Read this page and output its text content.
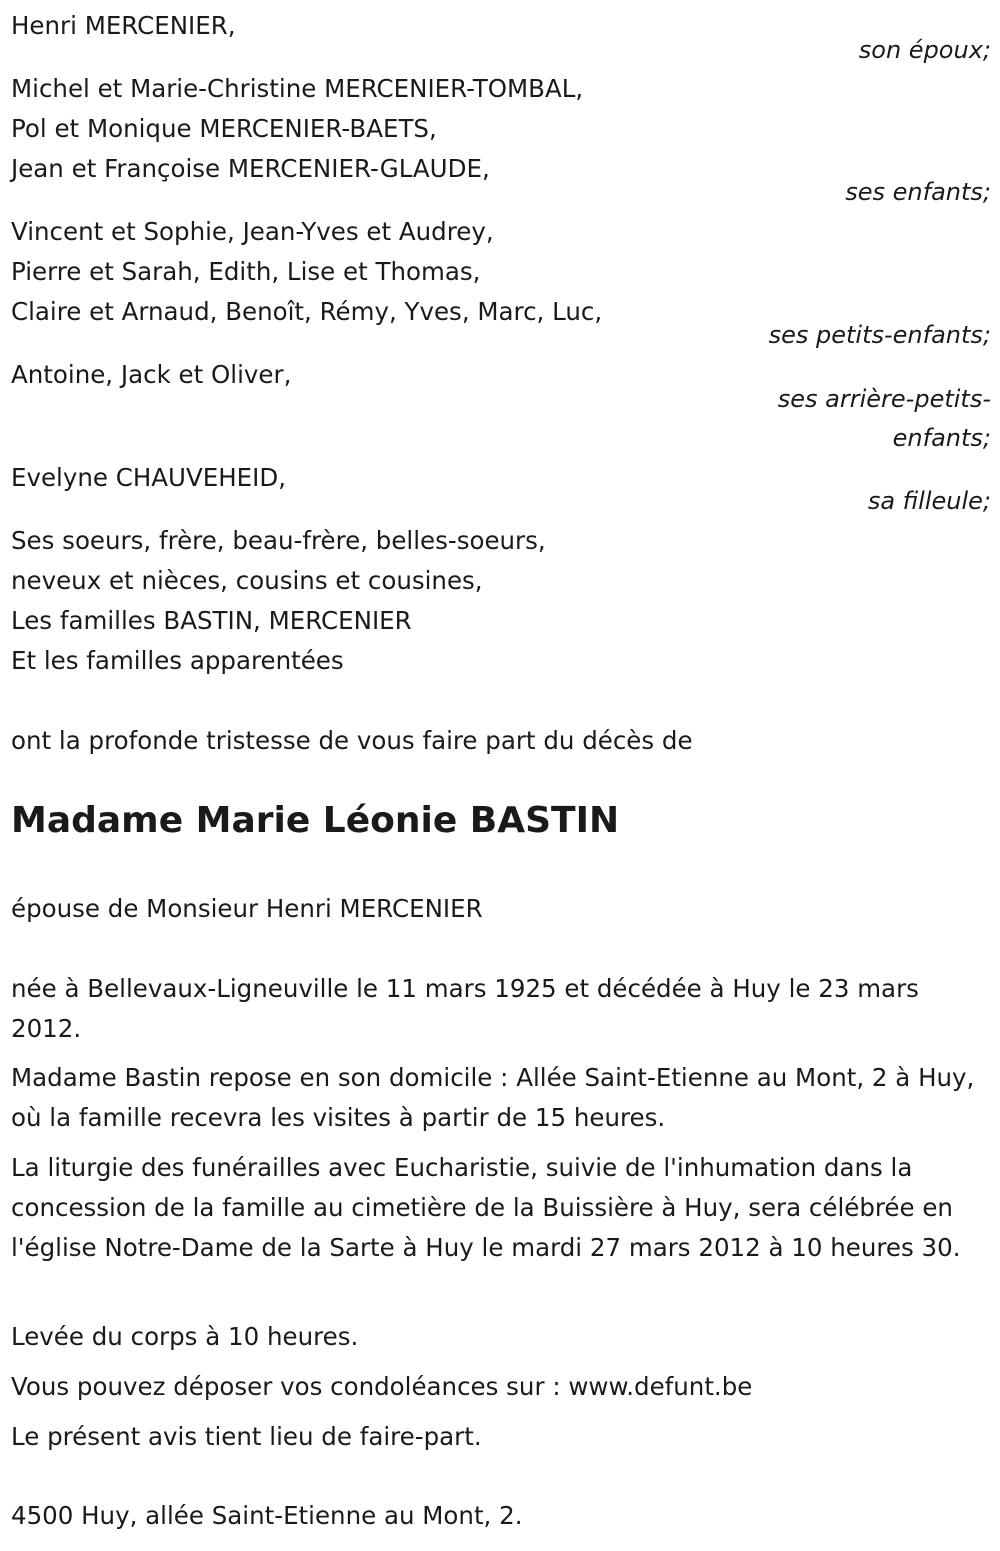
Henri MERCENIER,
son époux;
Michel et Marie-Christine MERCENIER-TOMBAL,
Pol et Monique MERCENIER-BAETS,
Jean et Françoise MERCENIER-GLAUDE,
ses enfants;
Vincent et Sophie, Jean-Yves et Audrey,
Pierre et Sarah, Edith, Lise et Thomas,
Claire et Arnaud, Benoît, Rémy, Yves, Marc, Luc,
ses petits-enfants;
Antoine, Jack et Oliver,
ses arrière-petits-
enfants;
Evelyne CHAUVEHEID,
sa filleule;
Ses soeurs, frère, beau-frère, belles-soeurs,
neveux et nièces, cousins et cousines,
Les familles BASTIN, MERCENIER
Et les familles apparentées
ont la profonde tristesse de vous faire part du décès de
Madame Marie Léonie BASTIN
épouse de Monsieur Henri MERCENIER
née à Bellevaux-Ligneuville le 11 mars 1925 et décédée à Huy le 23 mars 2012.
Madame Bastin repose en son domicile : Allée Saint-Etienne au Mont, 2 à Huy, où la famille recevra les visites à partir de 15 heures.
La liturgie des funérailles avec Eucharistie, suivie de l'inhumation dans la concession de la famille au cimetière de la Buissière à Huy, sera célébrée en l'église Notre-Dame de la Sarte à Huy le mardi 27 mars 2012 à 10 heures 30.
Levée du corps à 10 heures.
Vous pouvez déposer vos condoléances sur : www.defunt.be
Le présent avis tient lieu de faire-part.
4500 Huy, allée Saint-Etienne au Mont, 2.
